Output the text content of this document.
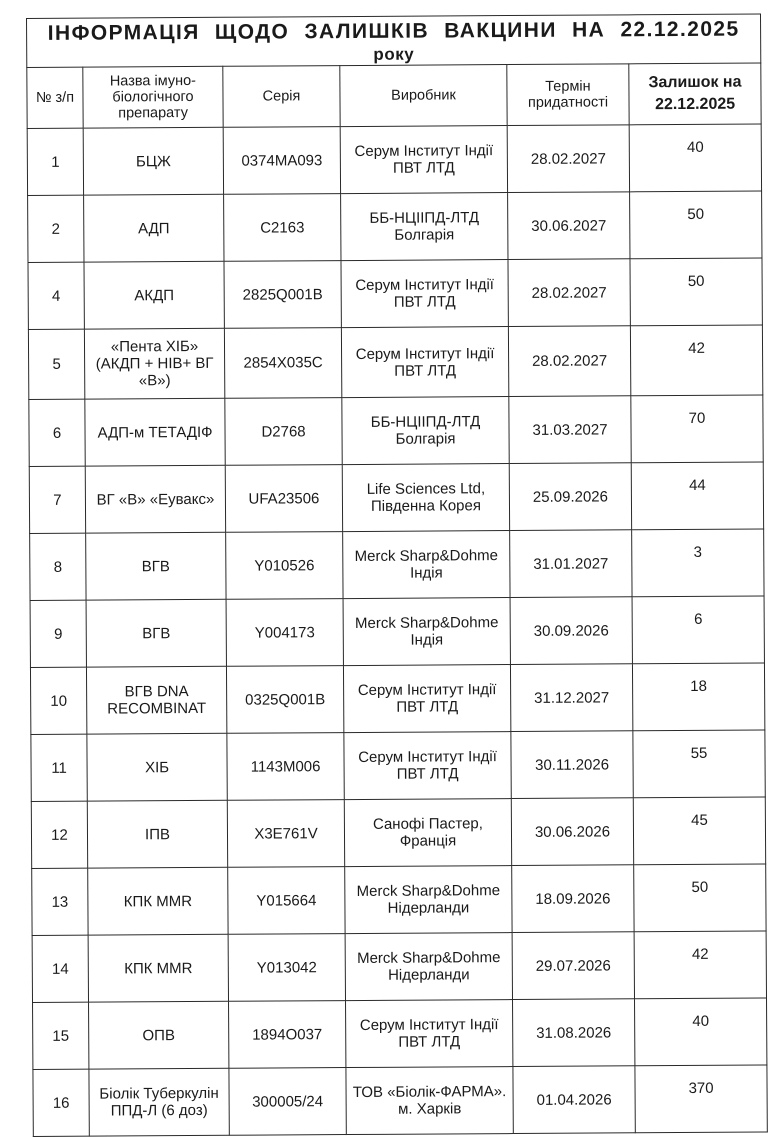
ІНФОРМАЦІЯ ЩОДО ЗАЛИШКІВ ВАКЦИНИ НА 22.12.2025
року					

№ з/п	Назва імуно-біологічного препарату	Серія	Виробник	Термін придатності	Залишок на 22.12.2025
1	БЦЖ	0374MA093	Серум Інститут Індії ПВТ ЛТД	28.02.2027	40
2	АДП	C2163	ББ-НЦІІПД-ЛТД Болгарія	30.06.2027	50
4	АКДП	2825Q001B	Серум Інститут Індії ПВТ ЛТД	28.02.2027	50
5	«Пента ХІБ» (АКДП + HIB+ ВГ «В»)	2854X035C	Серум Інститут Індії ПВТ ЛТД	28.02.2027	42
6	АДП-м ТЕТАДІФ	D2768	ББ-НЦІІПД-ЛТД Болгарія	31.03.2027	70
7	ВГ «В» «Еувакс»	UFA23506	Life Sciences Ltd, Південна Корея	25.09.2026	44
8	ВГВ	Y010526	Merck Sharp&Dohme Індія	31.01.2027	3
9	ВГВ	Y004173	Merck Sharp&Dohme Індія	30.09.2026	6
10	ВГВ DNA RECOMBINAT	0325Q001B	Серум Інститут Індії ПВТ ЛТД	31.12.2027	18
11	ХІБ	1143M006	Серум Інститут Індії ПВТ ЛТД	30.11.2026	55
12	ІПВ	X3E761V	Санофі Пастер, Франція	30.06.2026	45
13	КПК MMR	Y015664	Merck Sharp&Dohme Нідерланди	18.09.2026	50
14	КПК MMR	Y013042	Merck Sharp&Dohme Нідерланди	29.07.2026	42
15	ОПВ	1894O037	Серум Інститут Індії ПВТ ЛТД	31.08.2026	40
16	Біолік Туберкулін ППД-Л (6 доз)	300005/24	ТОВ «Біолік-ФАРМА». м. Харків	01.04.2026	370
